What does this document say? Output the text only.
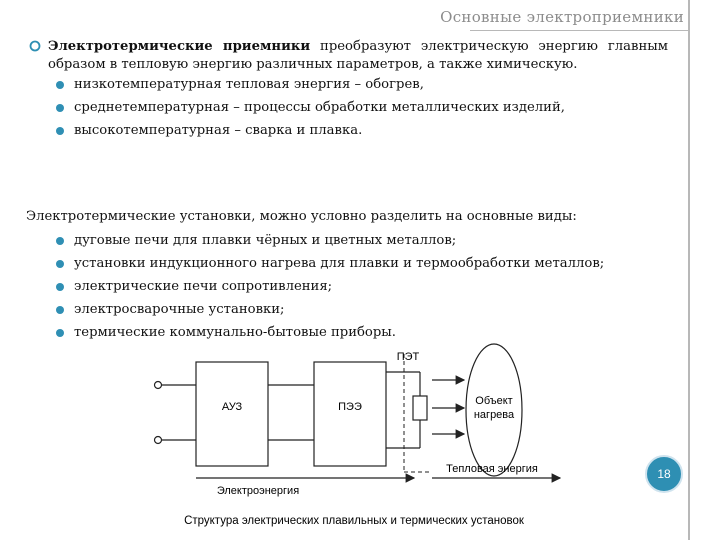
Основные электроприемники
Электротермические приемники преобразуют электрическую энергию главным образом в тепловую энергию различных параметров, а также химическую.
низкотемпературная тепловая энергия – обогрев,
среднетемпературная – процессы обработки металлических изделий,
высокотемпературная – сварка и плавка.
Электротермические установки, можно условно разделить на основные виды:
дуговые печи для плавки чёрных и цветных металлов;
установки индукционного нагрева для плавки и термообработки металлов;
электрические печи сопротивления;
электросварочные установки;
термические коммунально-бытовые приборы.
АУЗ	ПЭЭ
ПЭТ
Объект
нагрева
Электроэнергия
Тепловая энергия
Структура электрических плавильных и термических установок
18
